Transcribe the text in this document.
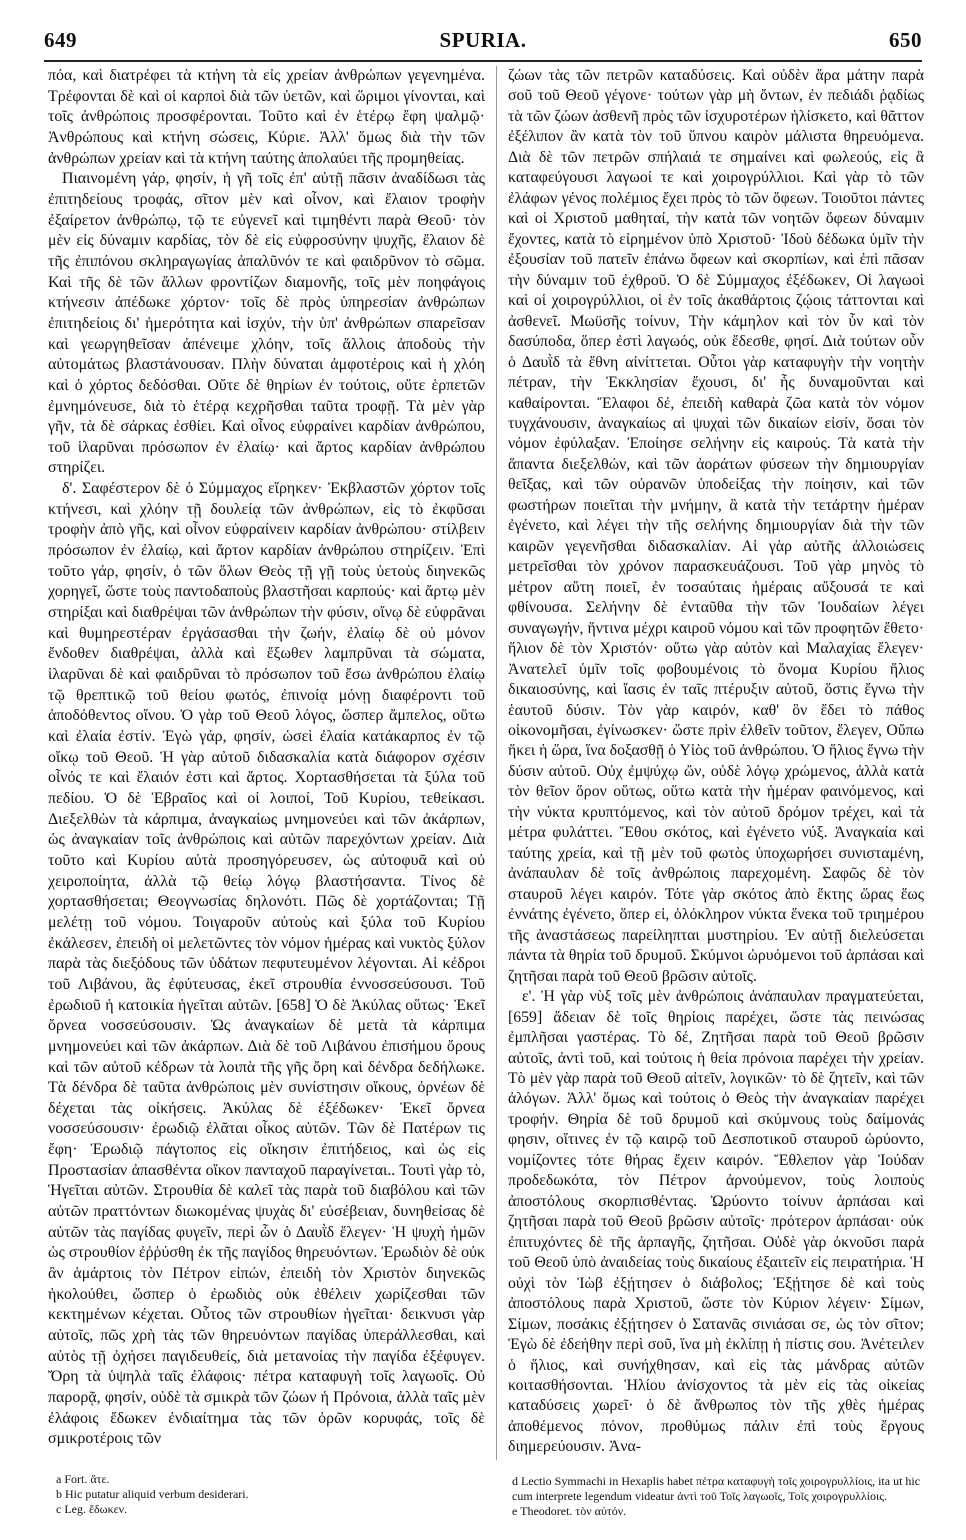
649	SPURIA.	650

πόα, καὶ διατρέφει τὰ κτήνη τὰ εἰς χρείαν ἀνθρώπων γεγενημένα. Τρέφονται δὲ καὶ οἱ καρποὶ διὰ τῶν ὑετῶν, καὶ ὥριμοι γίνονται, καὶ τοῖς ἀνθρώποις προσφέρονται. Τοῦτο καὶ ἐν ἑτέρῳ ἔφη ψαλμῷ· Ἀνθρώπους καὶ κτήνη σώσεις, Κύριε. Ἀλλ' ὅμως διὰ τὴν τῶν ἀνθρώπων χρείαν καὶ τὰ κτήνη ταύτης ἀπολαύει τῆς προμηθείας.

Πιαινομένη γάρ, φησίν, ἡ γῆ τοῖς ἐπ' αὐτῇ πᾶσιν ἀναδίδωσι τὰς ἐπιτηδείους τροφάς, σῖτον μὲν καὶ οἶνον, καὶ ἔλαιον τροφὴν ἐξαίρετον ἀνθρώπῳ, τῷ τε εὐγενεῖ καὶ τιμηθέντι παρὰ Θεοῦ· τὸν μὲν εἰς δύναμιν καρδίας, τὸν δὲ εἰς εὐφροσύνην ψυχῆς, ἔλαιον δὲ τῆς ἐπιπόνου σκληραγωγίας ἀπαλῦνόν τε καὶ φαιδρῦνον τὸ σῶμα. Καὶ τῆς δὲ τῶν ἄλλων φροντίζων διαμονῆς, τοῖς μὲν ποηφάγοις κτήνεσιν ἀπέδωκε χόρτον· τοῖς δὲ πρὸς ὑπηρεσίαν ἀνθρώπων ἐπιτηδείοις δι' ἡμερότητα καὶ ἰσχύν, τὴν ὑπ' ἀνθρώπων σπαρεῖσαν καὶ γεωργηθεῖσαν ἀπένειμε χλόην, τοῖς ἄλλοις ἀποδοὺς τὴν αὐτομάτως βλαστάνουσαν. Πλὴν δύναται ἀμφοτέροις καὶ ἡ χλόη καὶ ὁ χόρτος δεδόσθαι. Οὔτε δὲ θηρίων ἐν τούτοις, οὔτε ἑρπετῶν ἐμνημόνευσε, διὰ τὸ ἑτέρᾳ κεχρῆσθαι ταῦτα τροφῇ. Τὰ μὲν γὰρ γῆν, τὰ δὲ σάρκας ἐσθίει. Καὶ οἶνος εὐφραίνει καρδίαν ἀνθρώπου, τοῦ ἱλαρῦναι πρόσωπον ἐν ἐλαίῳ· καὶ ἄρτος καρδίαν ἀνθρώπου στηρίζει.

δ'. Σαφέστερον δὲ ὁ Σύμμαχος εἴρηκεν· Ἐκβλαστῶν χόρτον τοῖς κτήνεσι, καὶ χλόην τῇ δουλείᾳ τῶν ἀνθρώπων, εἰς τὸ ἐκφῦσαι τροφὴν ἀπὸ γῆς, καὶ οἶνον εὐφραίνειν καρδίαν ἀνθρώπου· στίλβειν πρόσωπον ἐν ἐλαίῳ, καὶ ἄρτον καρδίαν ἀνθρώπου στηρίζειν. Ἐπὶ τοῦτο γάρ, φησίν, ὁ τῶν ὅλων Θεὸς τῇ γῇ τοὺς ὑετοὺς διηνεκῶς χορηγεῖ, ὥστε τοὺς παντοδαποὺς βλαστῆσαι καρπούς· καὶ ἄρτῳ μὲν στηρίξαι καὶ διαθρέψαι τῶν ἀνθρώπων τὴν φύσιν, οἴνῳ δὲ εὐφρᾶναι καὶ θυμηρεστέραν ἐργάσασθαι τὴν ζωήν, ἐλαίῳ δὲ οὐ μόνον ἔνδοθεν διαθρέψαι, ἀλλὰ καὶ ἔξωθεν λαμπρῦναι τὰ σώματα, ἱλαρῦναι δὲ καὶ φαιδρῦναι τὸ πρόσωπον τοῦ ἔσω ἀνθρώπου ἐλαίῳ τῷ θρεπτικῷ τοῦ θείου φωτός, ἐπινοίᾳ μόνῃ διαφέροντι τοῦ ἀποδόθεντος οἴνου. Ὁ γὰρ τοῦ Θεοῦ λόγος, ὥσπερ ἄμπελος, οὕτω καὶ ἐλαία ἐστίν. Ἐγὼ γάρ, φησίν, ὡσεὶ ἐλαία κατάκαρπος ἐν τῷ οἴκῳ τοῦ Θεοῦ. Ἡ γὰρ αὐτοῦ διδασκαλία κατὰ διάφορον σχέσιν οἶνός τε καὶ ἔλαιόν ἐστι καὶ ἄρτος. Χορτασθήσεται τὰ ξύλα τοῦ πεδίου. Ὁ δὲ Ἑβραῖος καὶ οἱ λοιποί, Τοῦ Κυρίου, τεθείκασι. Διεξελθὼν τὰ κάρπιμα, ἀναγκαίως μνημονεύει καὶ τῶν ἀκάρπων, ὡς ἀναγκαίαν τοῖς ἀνθρώποις καὶ αὐτῶν παρεχόντων χρείαν. Διὰ τοῦτο καὶ Κυρίου αὐτὰ προσηγόρευσεν, ὡς αὐτοφυᾶ καὶ οὐ χειροποίητα, ἀλλὰ τῷ θείῳ λόγῳ βλαστήσαντα. Τίνος δὲ χορτασθήσεται; Θεογνωσίας δηλονότι. Πῶς δὲ χορτάζονται; Τῇ μελέτῃ τοῦ νόμου. Τοιγαροῦν αὐτοὺς καὶ ξύλα τοῦ Κυρίου ἐκάλεσεν, ἐπειδὴ οἱ μελετῶντες τὸν νόμον ἡμέρας καὶ νυκτὸς ξύλον παρὰ τὰς διεξόδους τῶν ὑδάτων πεφυτευμένον λέγονται. Αἱ κέδροι τοῦ Λιβάνου, ἃς ἐφύτευσας, ἐκεῖ στρουθία ἐννοσσεύσουσι. Τοῦ ἐρωδιοῦ ἡ κατοικία ἡγεῖται αὐτῶν. [658] Ὁ δὲ Ἀκύλας οὕτως· Ἐκεῖ ὄρνεα νοσσεύσουσιν. Ὡς ἀναγκαίων δὲ μετὰ τὰ κάρπιμα μνημονεύει καὶ τῶν ἀκάρπων. Διὰ δὲ τοῦ Λιβάνου ἐπισήμου ὄρους καὶ τῶν αὐτοῦ κέδρων τὰ λοιπὰ τῆς γῆς ὄρη καὶ δένδρα δεδήλωκε. Τὰ δένδρα δὲ ταῦτα ἀνθρώποις μὲν συνίστησιν οἴκους, ὀρνέων δὲ δέχεται τὰς οἰκήσεις. Ἀκύλας δὲ ἐξέδωκεν· Ἐκεῖ ὄρνεα νοσσεύσουσιν· ἐρωδιῷ ἐλᾶται οἶκος αὐτῶν. Τῶν δὲ Πατέρων τις ἔφη· Ἐρωδιῷ πάγτοπος εἰς οἴκησιν ἐπιτήδειος, καὶ ὡς εἰς Προστασίαν ἀπασθέντα οἴκον πανταχοῦ παραγίνεται.. Τουτὶ γὰρ τὸ, Ἡγεῖται αὐτῶν. Στρουθία δὲ καλεῖ τὰς παρὰ τοῦ διαβόλου καὶ τῶν αὐτῶν πραττόντων διωκομένας ψυχὰς δι' εὐσέβειαν, δυνηθείσας δὲ αὐτῶν τὰς παγίδας φυγεῖν, περὶ ὧν ὁ Δαυῒδ ἔλεγεν· Ἡ ψυχὴ ἡμῶν ὡς στρουθίον ἐῤῥύσθη ἐκ τῆς παγίδος θηρευόντων. Ἐρωδιὸν δὲ οὐκ ἂν ἁμάρτοις τὸν Πέτρον εἰπών, ἐπειδὴ τὸν Χριστὸν διηνεκῶς ἠκολούθει, ὥσπερ ὁ ἐρωδιὸς οὐκ ἐθέλειν χωρίζεσθαι τῶν κεκτημένων κέχεται. Οὗτος τῶν στρουθίων ἡγεῖται· δεικνυσι γὰρ αὐτοῖς, πῶς χρὴ τὰς τῶν θηρευόντων παγίδας ὑπεράλλεσθαι, καὶ αὐτὸς τῇ ὀχήσει παγιδευθείς, διὰ μετανοίας τὴν παγίδα ἐξέφυγεν. Ὄρη τὰ ὑψηλὰ ταῖς ἐλάφοις· πέτρα καταφυγὴ τοῖς λαγωοῖς. Οὐ παρορᾷ, φησίν, οὐδὲ τὰ σμικρὰ τῶν ζώων ἡ Πρόνοια, ἀλλὰ ταῖς μὲν ἐλάφοις ἔδωκεν ἐνδιαίτημα τὰς τῶν ὀρῶν κορυφάς, τοῖς δὲ σμικροτέροις τῶν

ζώων τὰς τῶν πετρῶν καταδύσεις. Καὶ οὐδὲν ἄρα μάτην παρὰ σοῦ τοῦ Θεοῦ γέγονε· τούτων γὰρ μὴ ὄντων, ἐν πεδιάδι ῥᾳδίως τὰ τῶν ζώων ἀσθενῆ πρὸς τῶν ἰσχυροτέρων ἡλίσκετο, καὶ θᾶττον ἐξέλιπον ἂν κατὰ τὸν τοῦ ὕπνου καιρὸν μάλιστα θηρευόμενα. Διὰ δὲ τῶν πετρῶν σπήλαιά τε σημαίνει καὶ φωλεούς, εἰς ἃ καταφεύγουσι λαγωοί τε καὶ χοιρογρύλλιοι. Καὶ γὰρ τὸ τῶν ἐλάφων γένος πολέμιος ἔχει πρὸς τὸ τῶν ὄφεων. Τοιοῦτοι πάντες καὶ οἱ Χριστοῦ μαθηταί, τὴν κατὰ τῶν νοητῶν ὄφεων δύναμιν ἔχοντες, κατὰ τὸ εἰρημένον ὑπὸ Χριστοῦ· Ἰδοὺ δέδωκα ὑμῖν τὴν ἐξουσίαν τοῦ πατεῖν ἐπάνω ὄφεων καὶ σκορπίων, καὶ ἐπὶ πᾶσαν τὴν δύναμιν τοῦ ἐχθροῦ. Ὁ δὲ Σύμμαχος ἐξέδωκεν, Οἱ λαγωοὶ καὶ οἱ χοιρογρύλλιοι, οἱ ἐν τοῖς ἀκαθάρτοις ζῴοις τάττονται καὶ ἀσθενεῖ. Μωϋσῆς τοίνυν, Τὴν κάμηλον καὶ τὸν ὗν καὶ τὸν δασύποδα, ὅπερ ἐστὶ λαγωός, οὐκ ἔδεσθε, φησί. Διὰ τούτων οὖν ὁ Δαυῒδ τὰ ἔθνη αἰνίττεται. Οὗτοι γὰρ καταφυγὴν τὴν νοητὴν πέτραν, τὴν Ἐκκλησίαν ἔχουσι, δι' ἧς δυναμοῦνται καὶ καθαίρονται. Ἔλαφοι δέ, ἐπειδὴ καθαρὰ ζῶα κατὰ τὸν νόμον τυγχάνουσιν, ἀναγκαίως αἱ ψυχαὶ τῶν δικαίων εἰσίν, ὅσαι τὸν νόμον ἐφύλαξαν. Ἐποίησε σελήνην εἰς καιρούς. Τὰ κατὰ τὴν ἅπαντα διεξελθών, καὶ τῶν ἀοράτων φύσεων τὴν δημιουργίαν θεῖξας, καὶ τῶν οὐρανῶν ὑποδείξας τὴν ποίησιν, καὶ τῶν φωστήρων ποιεῖται τὴν μνήμην, ἃ κατὰ τὴν τετάρτην ἡμέραν ἐγένετο, καὶ λέγει τὴν τῆς σελήνης δημιουργίαν διὰ τὴν τῶν καιρῶν γεγενῆσθαι διδασκαλίαν. Αἱ γὰρ αὐτῆς ἀλλοιώσεις μετρεῖσθαι τὸν χρόνον παρασκευάζουσι. Τοῦ γὰρ μηνὸς τὸ μέτρον αὕτη ποιεῖ, ἐν τοσαύταις ἡμέραις αὔξουσά τε καὶ φθίνουσα. Σελήνην δὲ ἐνταῦθα τὴν τῶν Ἰουδαίων λέγει συναγωγήν, ἥντινα μέχρι καιροῦ νόμου καὶ τῶν προφητῶν ἔθετο· ἥλιον δὲ τὸν Χριστόν· οὕτω γὰρ αὐτὸν καὶ Μαλαχίας ἔλεγεν· Ἀνατελεῖ ὑμῖν τοῖς φοβουμένοις τὸ ὄνομα Κυρίου ἥλιος δικαιοσύνης, καὶ ἴασις ἐν ταῖς πτέρυξιν αὐτοῦ, ὅστις ἔγνω τὴν ἑαυτοῦ δύσιν. Τὸν γὰρ καιρόν, καθ' ὃν ἔδει τὸ πάθος οἰκονομῆσαι, ἐγίνωσκεν· ὥστε πρὶν ἐλθεῖν τοῦτον, ἔλεγεν, Οὔπω ἥκει ἡ ὥρα, ἵνα δοξασθῇ ὁ Υἱὸς τοῦ ἀνθρώπου. Ὁ ἥλιος ἔγνω τὴν δύσιν αὐτοῦ. Οὐχ ἐμψύχῳ ὤν, οὐδὲ λόγῳ χρώμενος, ἀλλὰ κατὰ τὸν θεῖον ὅρον οὕτως, οὕτω κατὰ τὴν ἡμέραν φαινόμενος, καὶ τὴν νύκτα κρυπτόμενος, καὶ τὸν αὐτοῦ δρόμον τρέχει, καὶ τὰ μέτρα φυλάττει. Ἔθου σκότος, καὶ ἐγένετο νύξ. Ἀναγκαία καὶ ταύτης χρεία, καὶ τῇ μὲν τοῦ φωτὸς ὑποχωρήσει συνισταμένη, ἀνάπαυλαν δὲ τοῖς ἀνθρώποις παρεχομένη. Σαφῶς δὲ τὸν σταυροῦ λέγει καιρόν. Τότε γὰρ σκότος ἀπὸ ἕκτης ὥρας ἕως ἐννάτης ἐγένετο, ὅπερ εἰ, ὁλόκληρον νύκτα ἕνεκα τοῦ τριημέρου τῆς ἀναστάσεως παρείληπται μυστηρίου. Ἐν αὐτῇ διελεύσεται πάντα τὰ θηρία τοῦ δρυμοῦ. Σκύμνοι ὠρυόμενοι τοῦ ἁρπάσαι καὶ ζητῆσαι παρὰ τοῦ Θεοῦ βρῶσιν αὐτοῖς.

ε'. Ἡ γὰρ νὺξ τοῖς μὲν ἀνθρώποις ἀνάπαυλαν πραγματεύεται, [659] ἄδειαν δὲ τοῖς θηρίοις παρέχει, ὥστε τὰς πεινώσας ἐμπλῆσαι γαστέρας. Τὸ δέ, Ζητῆσαι παρὰ τοῦ Θεοῦ βρῶσιν αὐτοῖς, ἀντὶ τοῦ, καὶ τούτοις ἡ θεία πρόνοια παρέχει τὴν χρείαν. Τὸ μὲν γὰρ παρὰ τοῦ Θεοῦ αἰτεῖν, λογικῶν· τὸ δὲ ζητεῖν, καὶ τῶν ἀλόγων. Ἀλλ' ὅμως καὶ τούτοις ὁ Θεὸς τὴν ἀναγκαίαν παρέχει τροφήν. Θηρία δὲ τοῦ δρυμοῦ καὶ σκύμνους τοὺς δαίμονάς φησιν, οἵτινες ἐν τῷ καιρῷ τοῦ Δεσποτικοῦ σταυροῦ ὠρύοντο, νομίζοντες τότε θήρας ἔχειν καιρόν. Ἔθλεπον γὰρ Ἰούδαν προδεδωκότα, τὸν Πέτρον ἀρνούμενον, τοὺς λοιποὺς ἀποστόλους σκορπισθέντας. Ὠρύοντο τοίνυν ἁρπάσαι καὶ ζητῆσαι παρὰ τοῦ Θεοῦ βρῶσιν αὐτοῖς· πρότερον ἁρπάσαι· οὐκ ἐπιτυχόντες δὲ τῆς ἁρπαγῆς, ζητῆσαι. Οὐδὲ γὰρ ὀκνοῦσι παρὰ τοῦ Θεοῦ ὑπὸ ἀναιδείας τοὺς δικαίους ἐξαιτεῖν εἰς πειρατήρια. Ἡ οὐχὶ τὸν Ἰὼβ ἐξῄτησεν ὁ διάβολος; Ἐξῄτησε δὲ καὶ τοὺς ἀποστόλους παρὰ Χριστοῦ, ὥστε τὸν Κύριον λέγειν· Σίμων, Σίμων, ποσάκις ἐξῄτησεν ὁ Σατανᾶς σινιάσαι σε, ὡς τὸν σῖτον; Ἐγὼ δὲ ἐδεήθην περὶ σοῦ, ἵνα μὴ ἐκλίπῃ ἡ πίστις σου. Ἀνέτειλεν ὁ ἥλιος, καὶ συνήχθησαν, καὶ εἰς τὰς μάνδρας αὐτῶν κοιτασθήσονται. Ἡλίου ἀνίσχοντος τὰ μὲν εἰς τὰς οἰκείας καταδύσεις χωρεῖ· ὁ δὲ ἄνθρωπος τὸν τῆς χθὲς ἡμέρας ἀποθέμενος πόνον, προθύμως πάλιν ἐπὶ τοὺς ἔργους διημερεύουσιν. Ἀνα-

a Fort. ἄτε.
b Hic putatur aliquid verbum desiderari.
c Leg. ἔδωκεν.
d Lectio Symmachi in Hexaplis habet πέτρα καταφυγὴ τοῖς χοιρογρυλλίοις, ita ut hic cum interprete legendum videatur ἀντὶ τοῦ Τοῖς λαγωοῖς, Τοῖς χοιρογρυλλίοις.
e Theodoret. τὸν αὐτόν.
